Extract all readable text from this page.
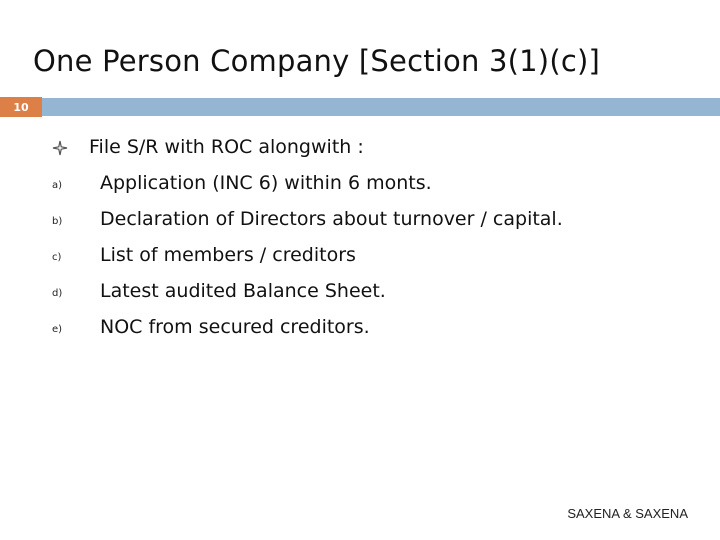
One Person Company [Section 3(1)(c)]
10
File S/R with ROC alongwith :
a) Application (INC 6) within 6 monts.
b) Declaration of Directors about turnover / capital.
c) List of members / creditors
d) Latest audited Balance Sheet.
e) NOC from secured creditors.
SAXENA & SAXENA
